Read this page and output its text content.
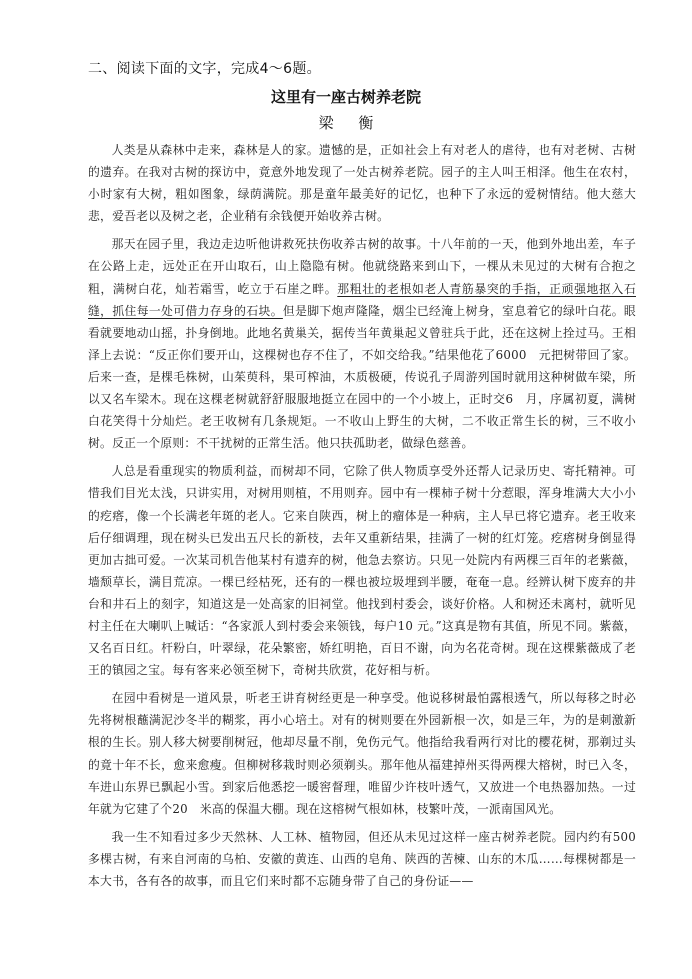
二、阅读下面的文字，完成4～6题。
这里有一座古树养老院
梁 衡

人类是从森林中走来，森林是人的家。遗憾的是，正如社会上有对老人的虐待，也有对老树、古树的遗弃。在我对古树的探访中，竟意外地发现了一处古树养老院。园子的主人叫王相泽。他生在农村，小时家有大树，粗如图象，绿荫满院。那是童年最美好的记忆，也种下了永远的爱树情结。他大慈大悲，爱吾老以及树之老，企业稍有余钱便开始收养古树。

那天在园子里，我边走边听他讲救死扶伤收养古树的故事。十八年前的一天，他到外地出差，车子在公路上走，远处正在开山取石，山上隐隐有树。他就绕路来到山下，一棵从未见过的大树有合抱之粗，满树白花，灿若霜雪，屹立于石崖之畔。那粗壮的老根如老人青筋暴突的手指，正顽强地抠入石缝，抓住每一处可借力存身的石块。但是脚下炮声隆隆，烟尘已经淹上树身，室息着它的绿叶白花。眼看就要地动山摇，扑身倒地。此地名黄巢关，据传当年黄巢起义曾驻兵于此，还在这树上拴过马。王相泽上去说：“反正你们要开山，这棵树也存不住了，不如交给我。”结果他花了6000　元把树带回了家。后来一查，是棵毛株树，山茱萸科，果可榨油，木质极硬，传说孔子周游列国时就用这种树做车梁，所以又名车梁木。现在这棵老树就舒舒服服地挺立在园中的一个小坡上，正时交6　月，序属初夏，满树白花笑得十分灿烂。老王收树有几条规矩。一不收山上野生的大树，二不收正常生长的树，三不收小树。反正一个原则：不干扰树的正常生活。他只扶孤助老，做绿色慈善。

人总是看重现实的物质利益，而树却不同，它除了供人物质享受外还帮人记录历史、寄托精神。可惜我们目光太浅，只讲实用，对树用则植，不用则弃。园中有一棵柿子树十分惹眼，浑身堆满大大小小的疙瘩，像一个长满老年斑的老人。它来自陕西，树上的瘤体是一种病，主人早已将它遗弃。老王收来后仔细调理，现在树头已发出五尺长的新枝，去年又重新结果，挂满了一树的红灯笼。疙瘩树身倒显得更加古拙可爱。一次某司机告他某村有遗弃的树，他急去察访。只见一处院内有两棵三百年的老紫薇，墙颓草长，满目荒凉。一棵已经枯死，还有的一棵也被垃圾埋到半腰，奄奄一息。经辨认树下废弃的井台和井石上的刻字，知道这是一处高家的旧祠堂。他找到村委会，谈好价格。人和树还未离村，就听见村主任在大喇叭上喊话：“各家派人到村委会来领钱，每户10 元。”这真是物有其值，所见不同。紫薇，又名百日红。杆粉白，叶翠绿，花朵繁密，娇红明艳，百日不谢，向为名花奇树。现在这棵紫薇成了老王的镇园之宝。每有客来必领至树下，奇树共欣赏，花好相与析。

在园中看树是一道风景，听老王讲育树经更是一种享受。他说移树最怕露根透气，所以每移之时必先将树根蘸满泥沙冬半的糊浆，再小心培土。对有的树则要在外园新根一次，如是三年，为的是刺激新根的生长。别人移大树要削树冠，他却尽量不削，免伤元气。他指给我看两行对比的樱花树，那剃过头的竟十年不长，愈来愈瘦。但柳树移栽时则必须剃头。那年他从福建掉州买得两棵大榕树，时已入冬，车进山东界已飘起小雪。到家后他悉挖一暖窖督理，唯留少许枝叶透气，又放进一个电热器加热。一过年就为它建了个20　米高的保温大棚。现在这榕树气根如林，枝繁叶茂，一派南国风光。

我一生不知看过多少天然林、人工林、植物园，但还从未见过这样一座古树养老院。园内约有500　多棵古树，有来自河南的乌柏、安徽的黄连、山西的皂角、陕西的苦楝、山东的木瓜……每棵树都是一本大书，各有各的故事，而且它们来时都不忘随身带了自己的身份证——
